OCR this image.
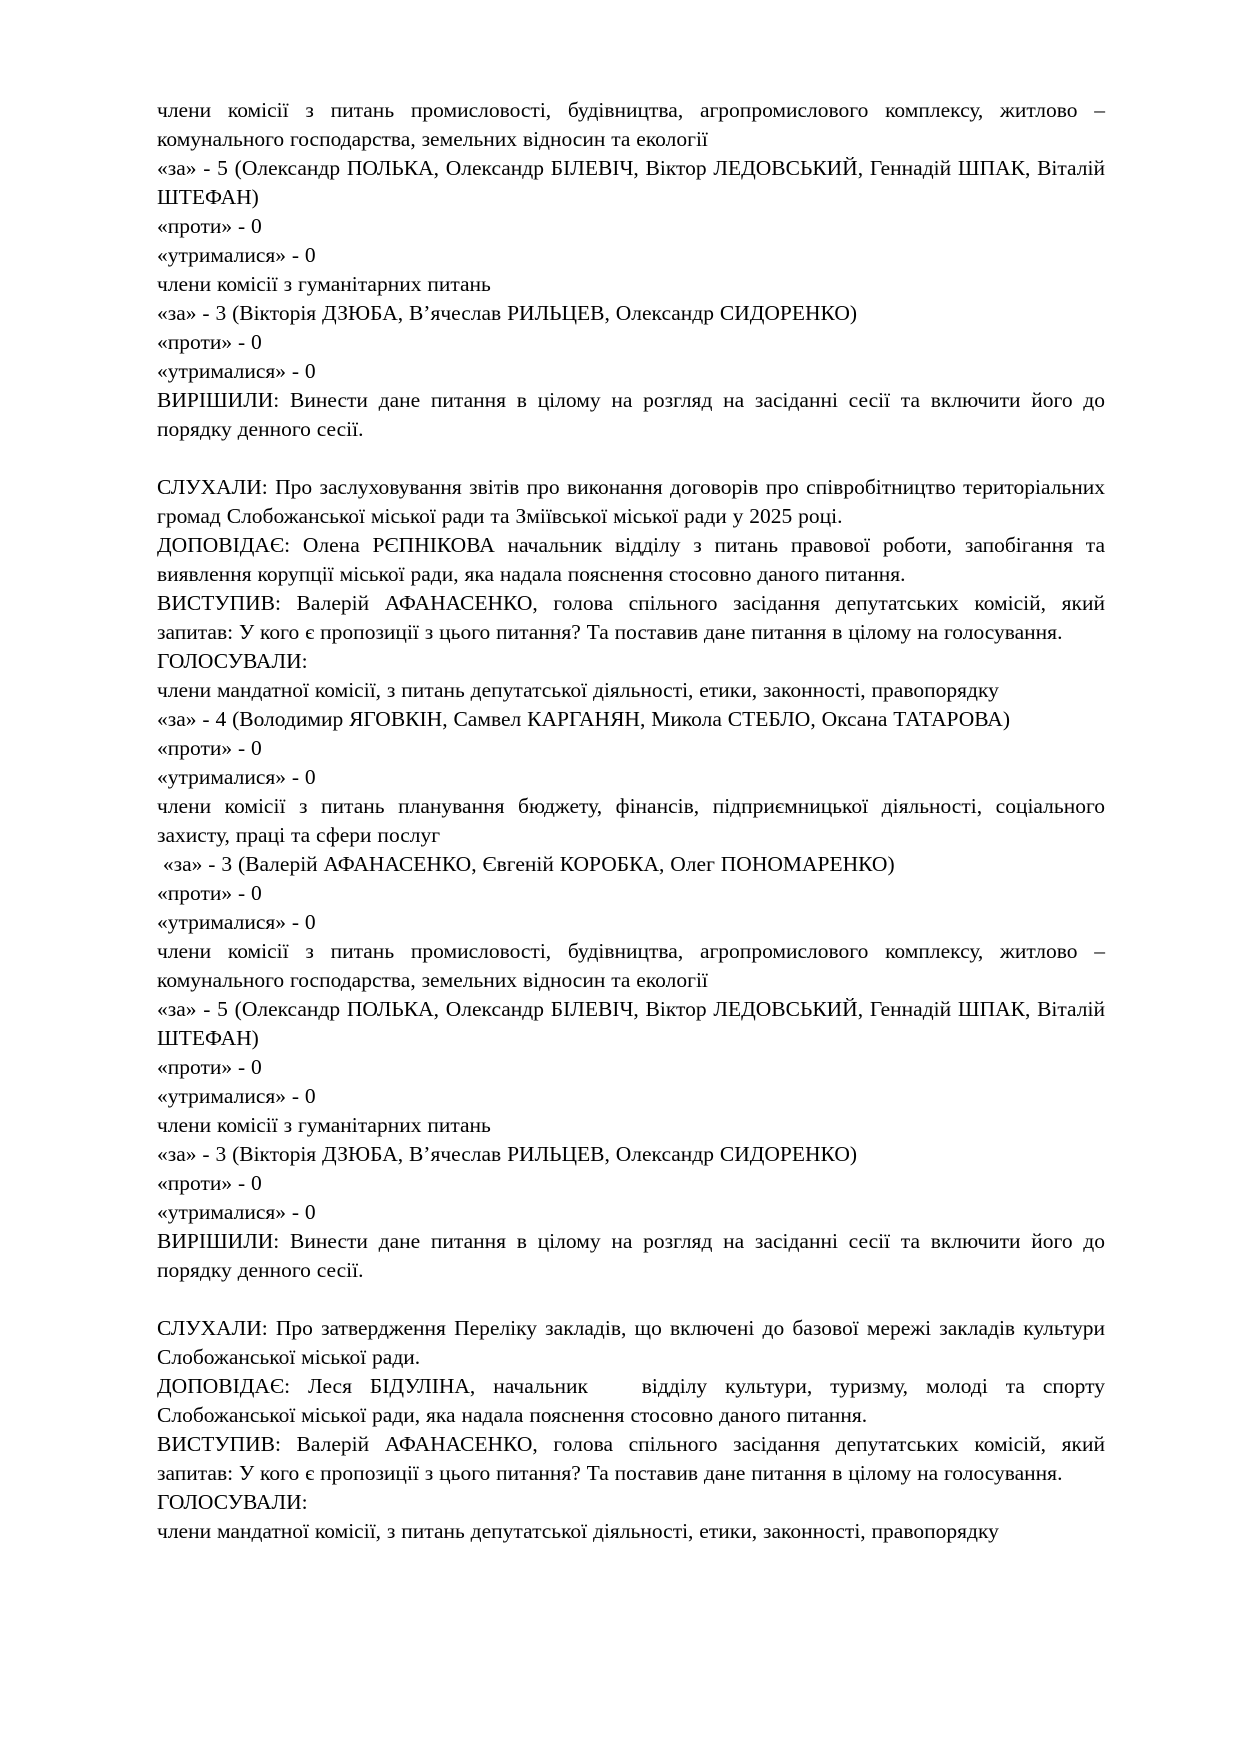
члени комісії з питань промисловості, будівництва, агропромислового комплексу, житлово – комунального господарства, земельних відносин та екології

«за» - 5 (Олександр ПОЛЬКА, Олександр БІЛЕВІЧ, Віктор ЛЕДОВСЬКИЙ, Геннадій ШПАК, Віталій ШТЕФАН)

«проти» - 0

«утрималися» - 0

члени комісії з гуманітарних питань

«за» - 3 (Вікторія ДЗЮБА, В’ячеслав РИЛЬЦЕВ, Олександр СИДОРЕНКО)

«проти» - 0

«утрималися» - 0

ВИРІШИЛИ: Винести дане питання в цілому на розгляд на засіданні сесії та включити його до порядку денного сесії.

СЛУХАЛИ: Про заслуховування звітів про виконання договорів про співробітництво територіальних громад Слобожанської міської ради та Зміївської міської ради у 2025 році.

ДОПОВІДАЄ: Олена РЄПНІКОВА начальник відділу з питань правової роботи, запобігання та виявлення корупції міської ради, яка надала пояснення стосовно даного питання.

ВИСТУПИВ: Валерій АФАНАСЕНКО, голова спільного засідання депутатських комісій, який запитав: У кого є пропозиції з цього питання? Та поставив дане питання в цілому на голосування.

ГОЛОСУВАЛИ:

члени мандатної комісії, з питань депутатської діяльності, етики, законності, правопорядку

«за» - 4 (Володимир ЯГОВКІН, Самвел КАРГАНЯН, Микола СТЕБЛО, Оксана ТАТАРОВА)

«проти» - 0

«утрималися» - 0

члени комісії з питань планування бюджету, фінансів, підприємницької діяльності, соціального захисту, праці та сфери послуг

«за» - 3 (Валерій АФАНАСЕНКО, Євгеній КОРОБКА, Олег ПОНОМАРЕНКО)

«проти» - 0

«утрималися» - 0

члени комісії з питань промисловості, будівництва, агропромислового комплексу, житлово – комунального господарства, земельних відносин та екології

«за» - 5 (Олександр ПОЛЬКА, Олександр БІЛЕВІЧ, Віктор ЛЕДОВСЬКИЙ, Геннадій ШПАК, Віталій ШТЕФАН)

«проти» - 0

«утрималися» - 0

члени комісії з гуманітарних питань

«за» - 3 (Вікторія ДЗЮБА, В’ячеслав РИЛЬЦЕВ, Олександр СИДОРЕНКО)

«проти» - 0

«утрималися» - 0

ВИРІШИЛИ: Винести дане питання в цілому на розгляд на засіданні сесії та включити його до порядку денного сесії.

СЛУХАЛИ: Про затвердження Переліку закладів, що включені до базової мережі закладів культури Слобожанської міської ради.

ДОПОВІДАЄ: Леся БІДУЛІНА, начальник   відділу культури, туризму, молоді та спорту Слобожанської міської ради, яка надала пояснення стосовно даного питання.

ВИСТУПИВ: Валерій АФАНАСЕНКО, голова спільного засідання депутатських комісій, який запитав: У кого є пропозиції з цього питання? Та поставив дане питання в цілому на голосування.

ГОЛОСУВАЛИ:

члени мандатної комісії, з питань депутатської діяльності, етики, законності, правопорядку
